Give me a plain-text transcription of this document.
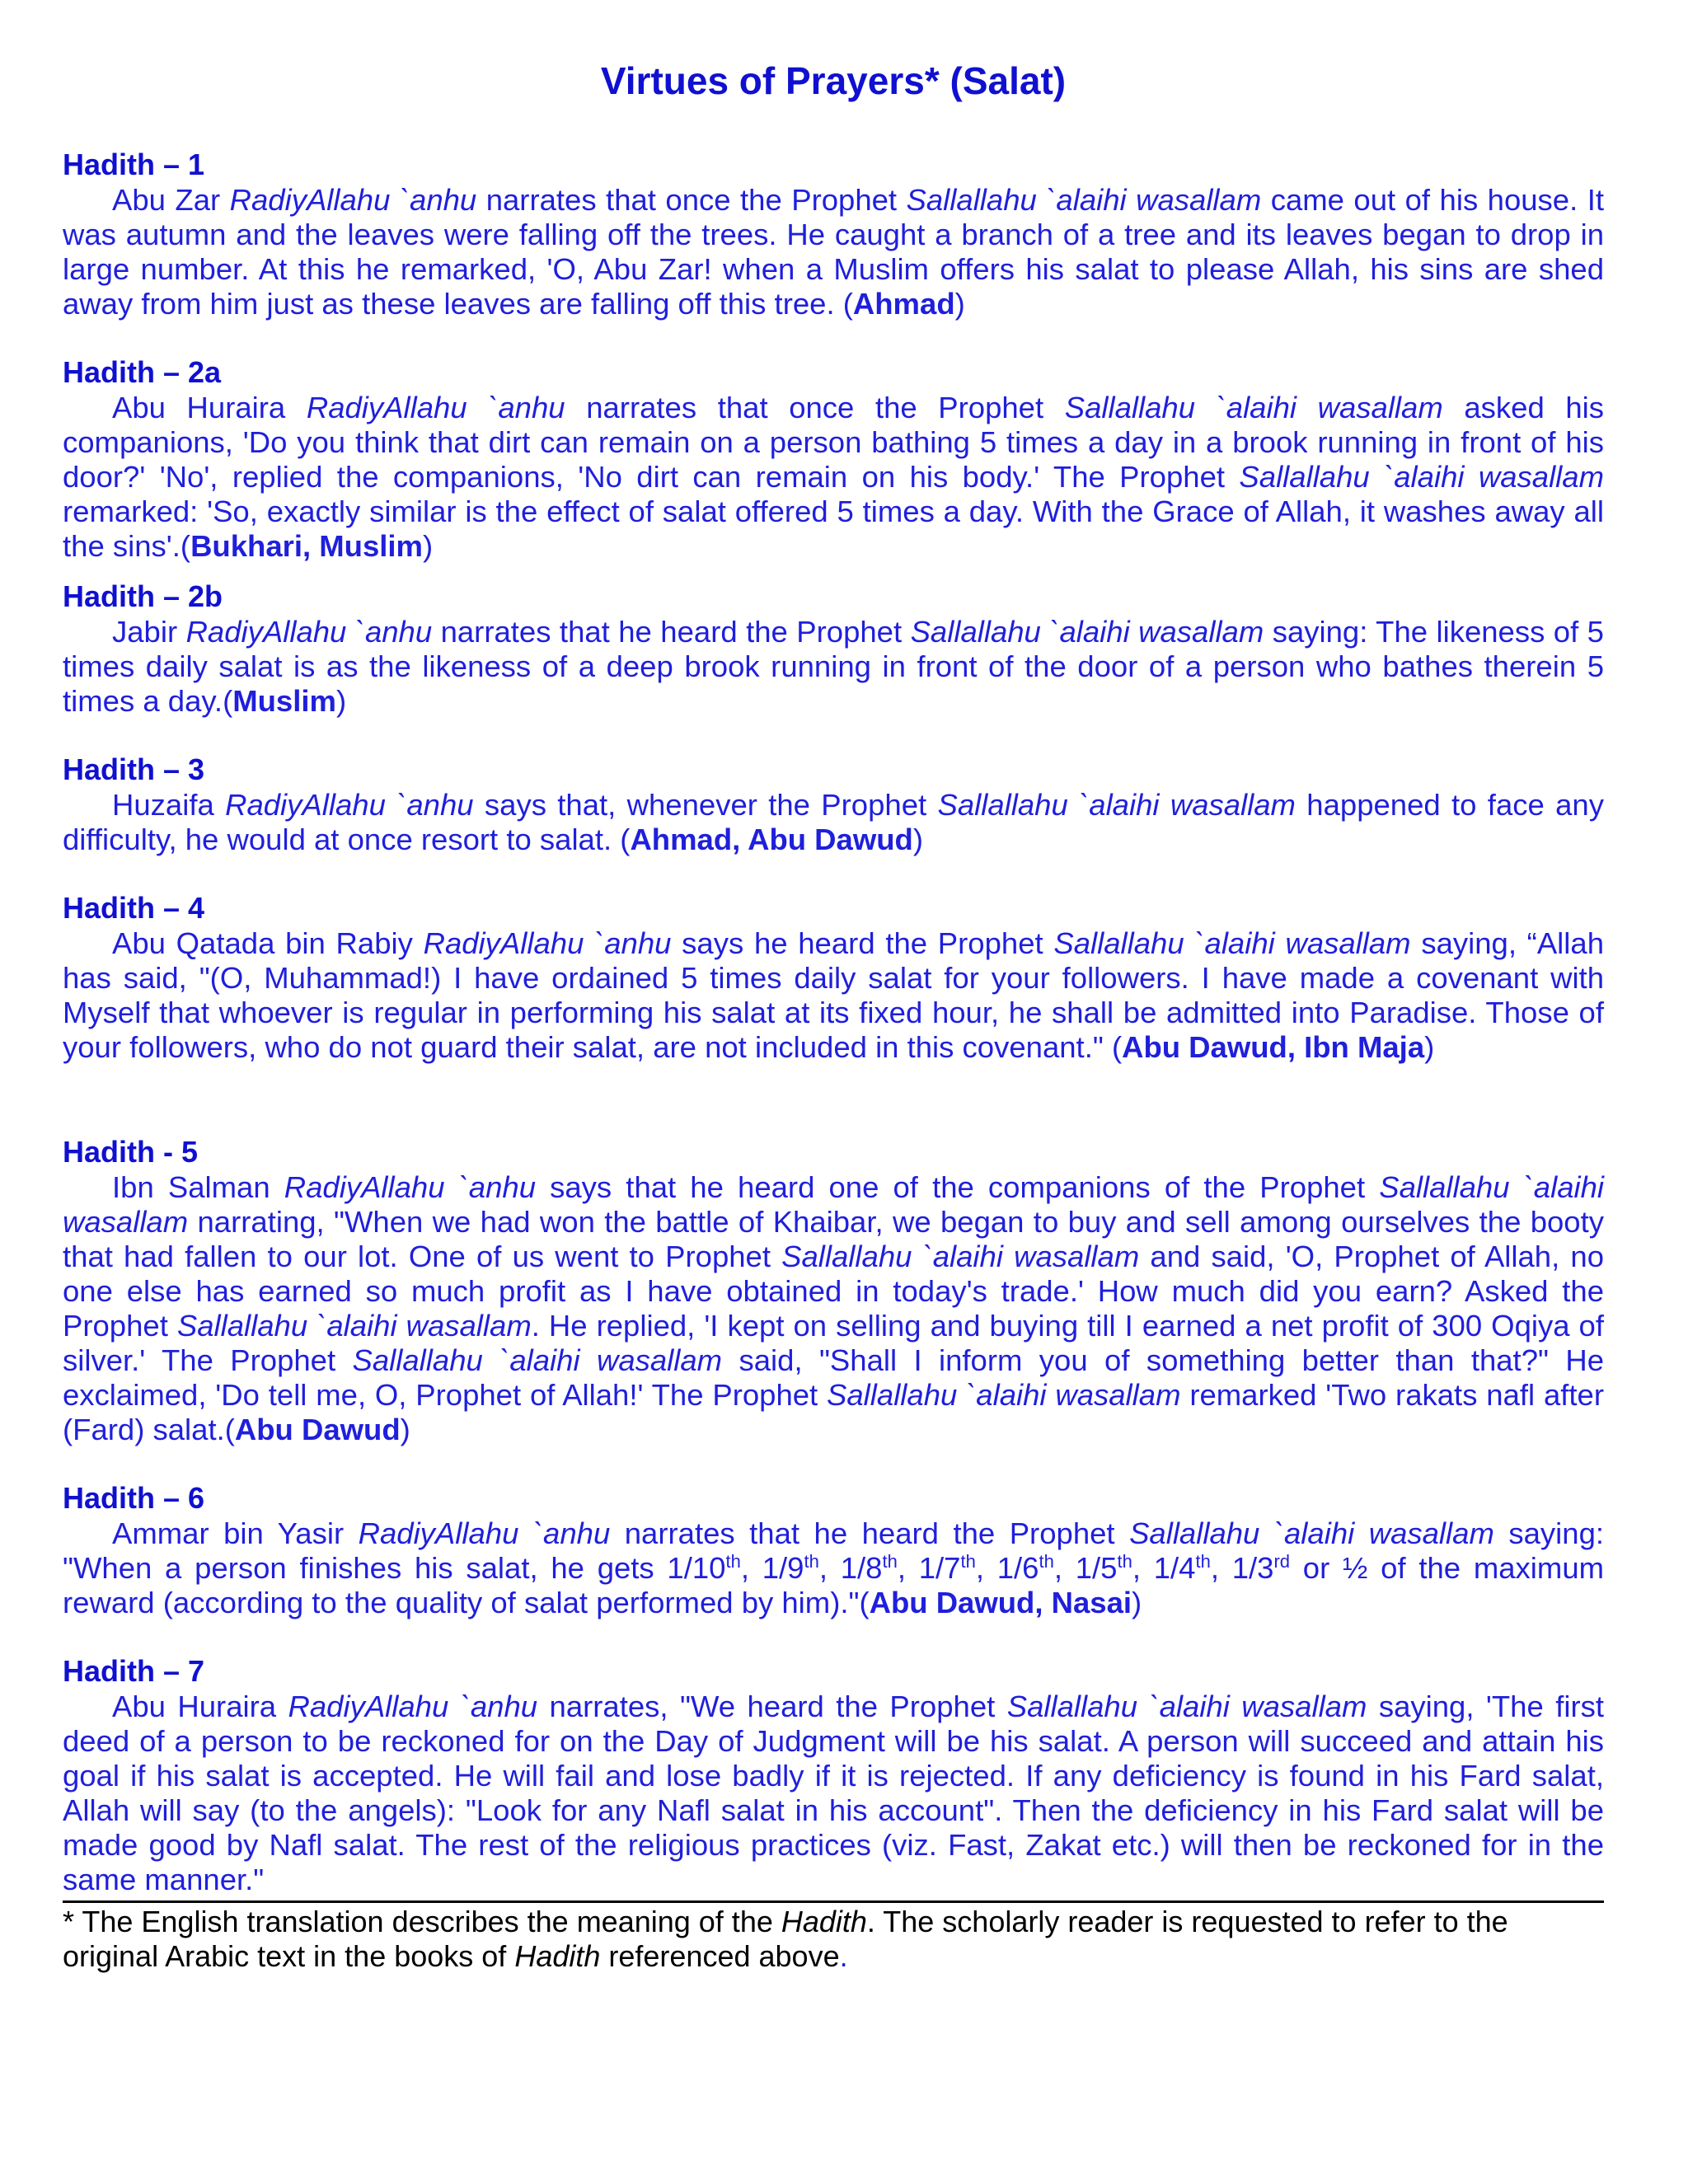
Virtues of Prayers* (Salat)

Hadith – 1

Abu Zar RadiyAllahu `anhu narrates that once the Prophet Sallallahu `alaihi wasallam came out of his house. It was autumn and the leaves were falling off the trees. He caught a branch of a tree and its leaves began to drop in large number. At this he remarked, 'O, Abu Zar! when a Muslim offers his salat to please Allah, his sins are shed away from him just as these leaves are falling off this tree. (Ahmad)

Hadith – 2a

Abu Huraira RadiyAllahu `anhu narrates that once the Prophet Sallallahu `alaihi wasallam asked his companions, 'Do you think that dirt can remain on a person bathing 5 times a day in a brook running in front of his door?' 'No', replied the companions, 'No dirt can remain on his body.' The Prophet Sallallahu `alaihi wasallam remarked: 'So, exactly similar is the effect of salat offered 5 times a day. With the Grace of Allah, it washes away all the sins'.(Bukhari, Muslim)

Hadith – 2b

Jabir RadiyAllahu `anhu narrates that he heard the Prophet Sallallahu `alaihi wasallam saying: The likeness of 5 times daily salat is as the likeness of a deep brook running in front of the door of a person who bathes therein 5 times a day.(Muslim)

Hadith – 3

Huzaifa RadiyAllahu `anhu says that, whenever the Prophet Sallallahu `alaihi wasallam happened to face any difficulty, he would at once resort to salat. (Ahmad, Abu Dawud)

Hadith – 4

Abu Qatada bin Rabiy RadiyAllahu `anhu says he heard the Prophet Sallallahu `alaihi wasallam saying, “Allah has said, "(O, Muhammad!) I have ordained 5 times daily salat for your followers. I have made a covenant with Myself that whoever is regular in performing his salat at its fixed hour, he shall be admitted into Paradise. Those of your followers, who do not guard their salat, are not included in this covenant." (Abu Dawud, Ibn Maja)

Hadith - 5

Ibn Salman RadiyAllahu `anhu says that he heard one of the companions of the Prophet Sallallahu `alaihi wasallam narrating, "When we had won the battle of Khaibar, we began to buy and sell among ourselves the booty that had fallen to our lot. One of us went to Prophet Sallallahu `alaihi wasallam and said, 'O, Prophet of Allah, no one else has earned so much profit as I have obtained in today's trade.' How much did you earn? Asked the Prophet Sallallahu `alaihi wasallam. He replied, 'I kept on selling and buying till I earned a net profit of 300 Oqiya of silver.' The Prophet Sallallahu `alaihi wasallam said, "Shall I inform you of something better than that?" He exclaimed, 'Do tell me, O, Prophet of Allah!' The Prophet Sallallahu `alaihi wasallam remarked 'Two rakats nafl after (Fard) salat.(Abu Dawud)

Hadith – 6

Ammar bin Yasir RadiyAllahu `anhu narrates that he heard the Prophet Sallallahu `alaihi wasallam saying: "When a person finishes his salat, he gets 1/10th, 1/9th, 1/8th, 1/7th, 1/6th, 1/5th, 1/4th, 1/3rd or ½ of the maximum reward (according to the quality of salat performed by him)."(Abu Dawud, Nasai)

Hadith – 7

Abu Huraira RadiyAllahu `anhu narrates, "We heard the Prophet Sallallahu `alaihi wasallam saying, 'The first deed of a person to be reckoned for on the Day of Judgment will be his salat. A person will succeed and attain his goal if his salat is accepted. He will fail and lose badly if it is rejected. If any deficiency is found in his Fard salat, Allah will say (to the angels): "Look for any Nafl salat in his account". Then the deficiency in his Fard salat will be made good by Nafl salat. The rest of the religious practices (viz. Fast, Zakat etc.) will then be reckoned for in the same manner."

* The English translation describes the meaning of the Hadith. The scholarly reader is requested to refer to the original Arabic text in the books of Hadith referenced above.
